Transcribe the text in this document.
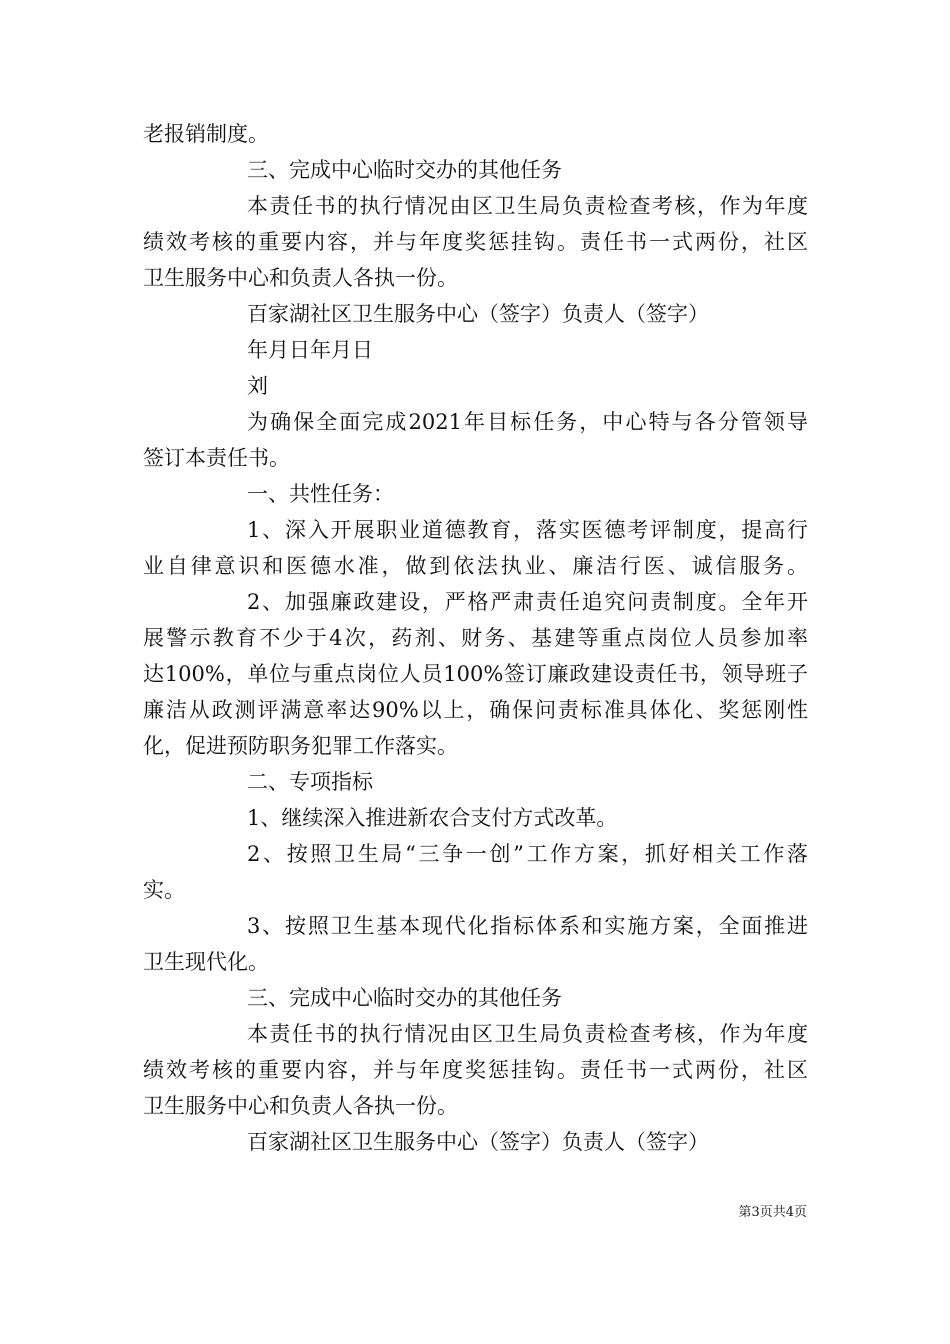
老报销制度。

三、完成中心临时交办的其他任务

本责任书的执行情况由区卫生局负责检查考核，作为年度

绩效考核的重要内容，并与年度奖惩挂钩。责任书一式两份，社区

卫生服务中心和负责人各执一份。

百家湖社区卫生服务中心（签字）负责人（签字）

年月日年月日

刘

为确保全面完成2021年目标任务，中心特与各分管领导

签订本责任书。

一、共性任务：

1、深入开展职业道德教育，落实医德考评制度，提高行

业自律意识和医德水准，做到依法执业、廉洁行医、诚信服务。

2、加强廉政建设，严格严肃责任追究问责制度。全年开

展警示教育不少于4次，药剂、财务、基建等重点岗位人员参加率

达100%，单位与重点岗位人员100%签订廉政建设责任书，领导班子

廉洁从政测评满意率达90%以上，确保问责标准具体化、奖惩刚性

化，促进预防职务犯罪工作落实。

二、专项指标

1、继续深入推进新农合支付方式改革。

2、按照卫生局“三争一创”工作方案，抓好相关工作落

实。

3、按照卫生基本现代化指标体系和实施方案，全面推进

卫生现代化。

三、完成中心临时交办的其他任务

本责任书的执行情况由区卫生局负责检查考核，作为年度

绩效考核的重要内容，并与年度奖惩挂钩。责任书一式两份，社区

卫生服务中心和负责人各执一份。

百家湖社区卫生服务中心（签字）负责人（签字）

第3页共4页
